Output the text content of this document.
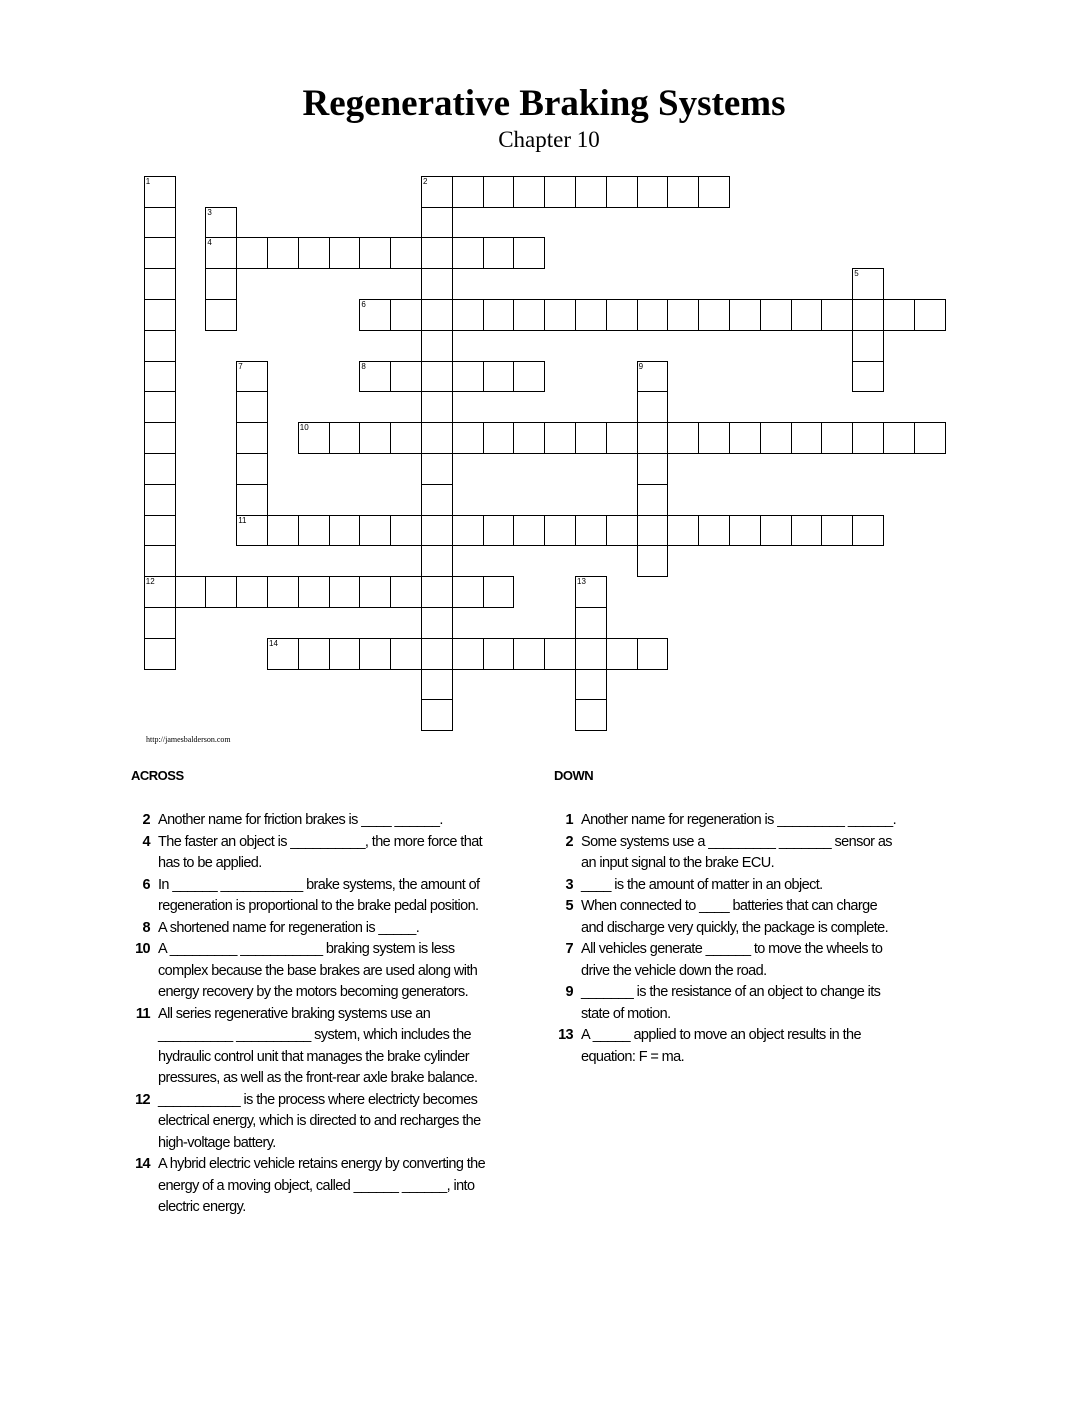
Regenerative Braking Systems
Chapter 10
1
12
2
3
4
5
6
7
11
8	9
10
13
14
http://jamesbalderson.com
ACROSS	DOWN
2 Another name for friction brakes is ____ ______.
4 The faster an object is __________, the more force that has to be applied.
6 In ______ ___________ brake systems, the amount of regeneration is proportional to the brake pedal position.
8 A shortened name for regeneration is _____.
10 A _________ ___________ braking system is less complex because the base brakes are used along with energy recovery by the motors becoming generators.
11 All series regenerative braking systems use an __________ __________ system, which includes the hydraulic control unit that manages the brake cylinder pressures, as well as the front-rear axle brake balance.
12 ___________ is the process where electricty becomes electrical energy, which is directed to and recharges the high-voltage battery.
14 A hybrid electric vehicle retains energy by converting the energy of a moving object, called ______ ______, into electric energy.
1 Another name for regeneration is _________ ______.
2 Some systems use a _________ _______ sensor as an input signal to the brake ECU.
3 ____ is the amount of matter in an object.
5 When connected to ____ batteries that can charge and discharge very quickly, the package is complete.
7 All vehicles generate ______ to move the wheels to drive the vehicle down the road.
9 _______ is the resistance of an object to change its state of motion.
13 A _____ applied to move an object results in the equation: F = ma.
